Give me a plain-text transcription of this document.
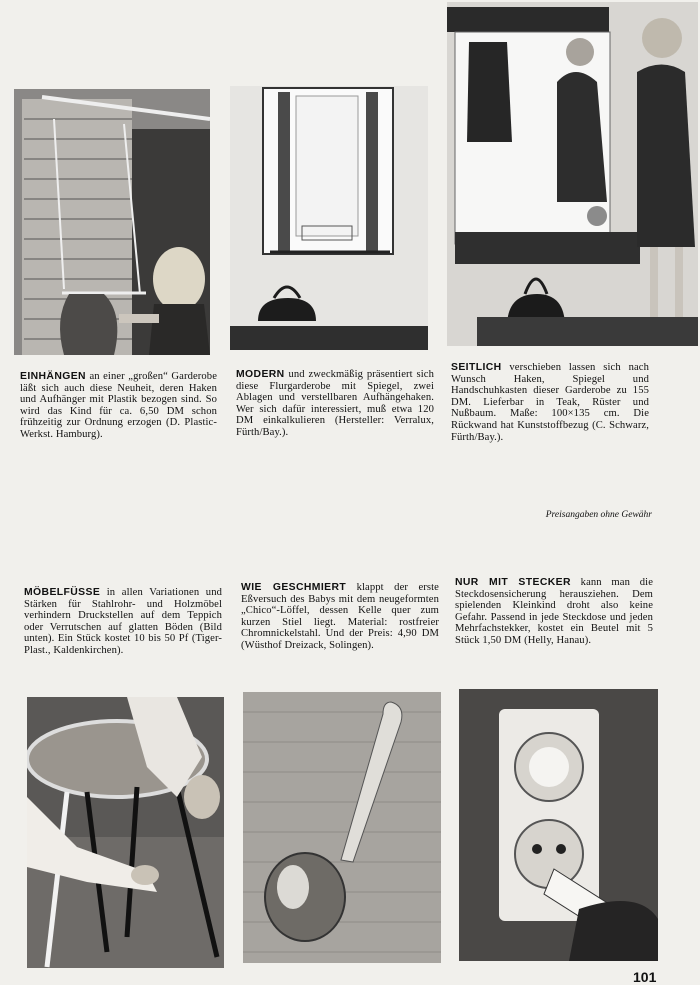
EINHÄNGEN an einer „großen“ Garderobe läßt sich auch diese Neuheit, deren Haken und Aufhänger mit Plastik bezogen sind. So wird das Kind für ca. 6,50 DM schon frühzeitig zur Ordnung erzogen (D. Plastic-Werkst. Hamburg).
MODERN und zweckmäßig präsentiert sich diese Flurgarderobe mit Spiegel, zwei Ablagen und verstellbaren Aufhängehaken. Wer sich dafür interessiert, muß etwa 120 DM einkalkulieren (Hersteller: Verralux, Fürth/Bay.).
SEITLICH verschieben lassen sich nach Wunsch Haken, Spiegel und Handschuhkasten dieser Garderobe zu 155 DM. Lieferbar in Teak, Rüster und Nußbaum. Maße: 100×135 cm. Die Rückwand hat Kunststoffbezug (C. Schwarz, Fürth/Bay.).
Preisangaben ohne Gewähr
MÖBELFÜSSE in allen Variationen und Stärken für Stahlrohr- und Holzmöbel verhindern Druckstellen auf dem Teppich oder Verrutschen auf glatten Böden (Bild unten). Ein Stück kostet 10 bis 50 Pf (Tiger-Plast., Kaldenkirchen).
WIE GESCHMIERT klappt der erste Eßversuch des Babys mit dem neugeformten „Chico“-Löffel, dessen Kelle quer zum kurzen Stiel liegt. Material: rostfreier Chromnickelstahl. Und der Preis: 4,90 DM (Wüsthof Dreizack, Solingen).
NUR MIT STECKER kann man die Steckdosensicherung herausziehen. Dem spielenden Kleinkind droht also keine Gefahr. Passend in jede Steckdose und jeden Mehrfachstekker, kostet ein Beutel mit 5 Stück 1,50 DM (Helly, Hanau).
101
